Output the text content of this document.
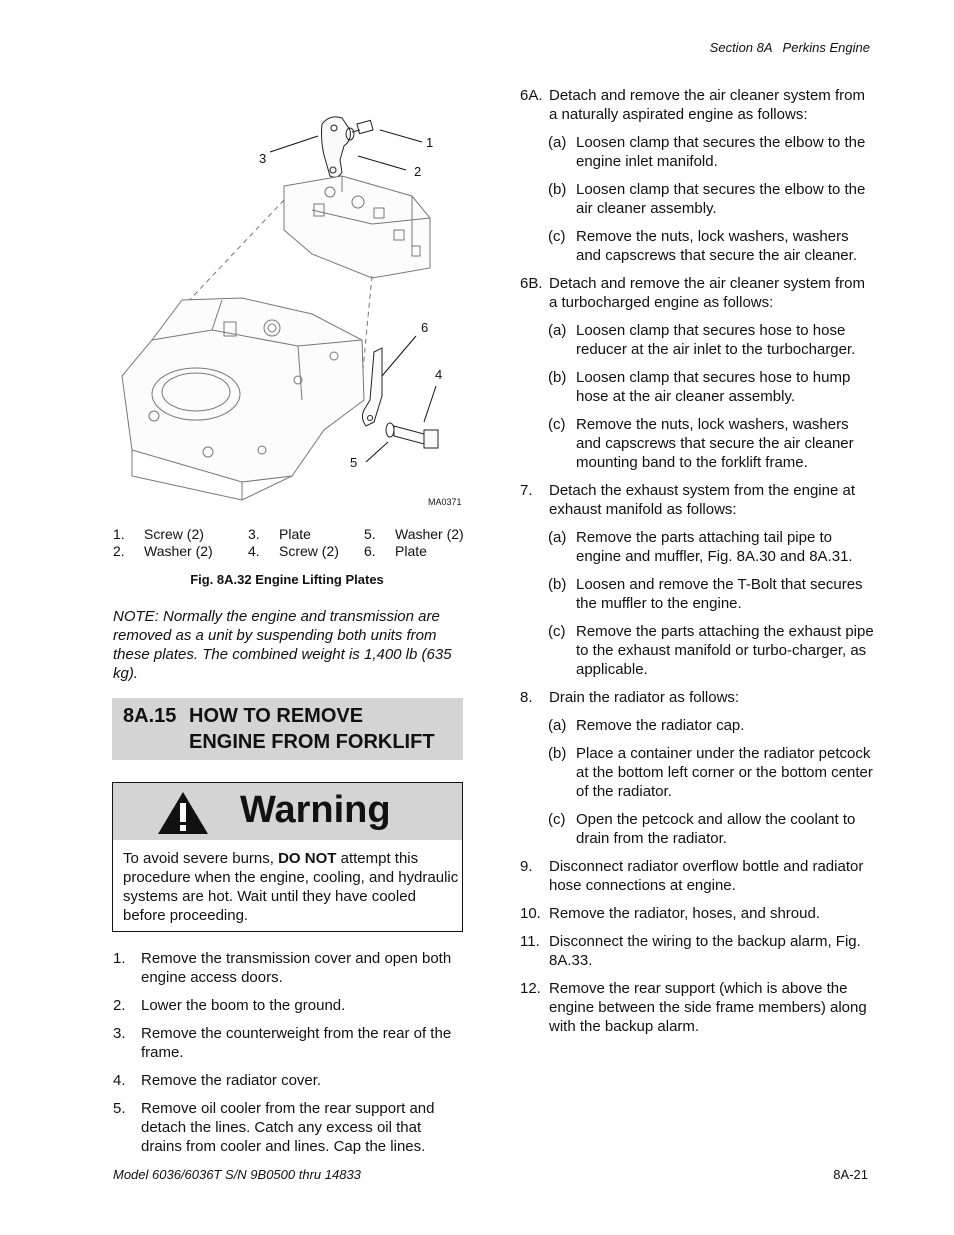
Section 8A Perkins Engine
1
2
3
4
5
6
MA0371
1.	Screw (2)	3.	Plate	5.	Washer (2)
2.	Washer (2)	4.	Screw (2)	6.	Plate
Fig. 8A.32 Engine Lifting Plates
NOTE: Normally the engine and transmission are removed as a unit by suspending both units from these plates. The combined weight is 1,400 lb (635 kg).
8A.15 HOW TO REMOVE
ENGINE FROM FORKLIFT
Warning
To avoid severe burns, DO NOT attempt this procedure when the engine, cooling, and hydraulic systems are hot. Wait until they have cooled before proceeding.
1.	Remove the transmission cover and open both engine access doors.
2.	Lower the boom to the ground.
3.	Remove the counterweight from the rear of the frame.
4.	Remove the radiator cover.
5.	Remove oil cooler from the rear support and detach the lines. Catch any excess oil that drains from cooler and lines. Cap the lines.
6A. Detach and remove the air cleaner system from a naturally aspirated engine as follows:
(a) Loosen clamp that secures the elbow to the engine inlet manifold.
(b) Loosen clamp that secures the elbow to the air cleaner assembly.
(c) Remove the nuts, lock washers, washers and capscrews that secure the air cleaner.
6B. Detach and remove the air cleaner system from a turbocharged engine as follows:
(a) Loosen clamp that secures hose to hose reducer at the air inlet to the turbocharger.
(b) Loosen clamp that secures hose to hump hose at the air cleaner assembly.
(c) Remove the nuts, lock washers, washers and capscrews that secure the air cleaner mounting band to the forklift frame.
7.	Detach the exhaust system from the engine at exhaust manifold as follows:
(a) Remove the parts attaching tail pipe to engine and muffler, Fig. 8A.30 and 8A.31.
(b) Loosen and remove the T-Bolt that secures the muffler to the engine.
(c) Remove the parts attaching the exhaust pipe to the exhaust manifold or turbo-charger, as applicable.
8.	Drain the radiator as follows:
(a) Remove the radiator cap.
(b) Place a container under the radiator petcock at the bottom left corner or the bottom center of the radiator.
(c) Open the petcock and allow the coolant to drain from the radiator.
9.	Disconnect radiator overflow bottle and radiator hose connections at engine.
10. Remove the radiator, hoses, and shroud.
11. Disconnect the wiring to the backup alarm, Fig. 8A.33.
12. Remove the rear support (which is above the engine between the side frame members) along with the backup alarm.
Model 6036/6036T S/N 9B0500 thru 14833	8A-21
